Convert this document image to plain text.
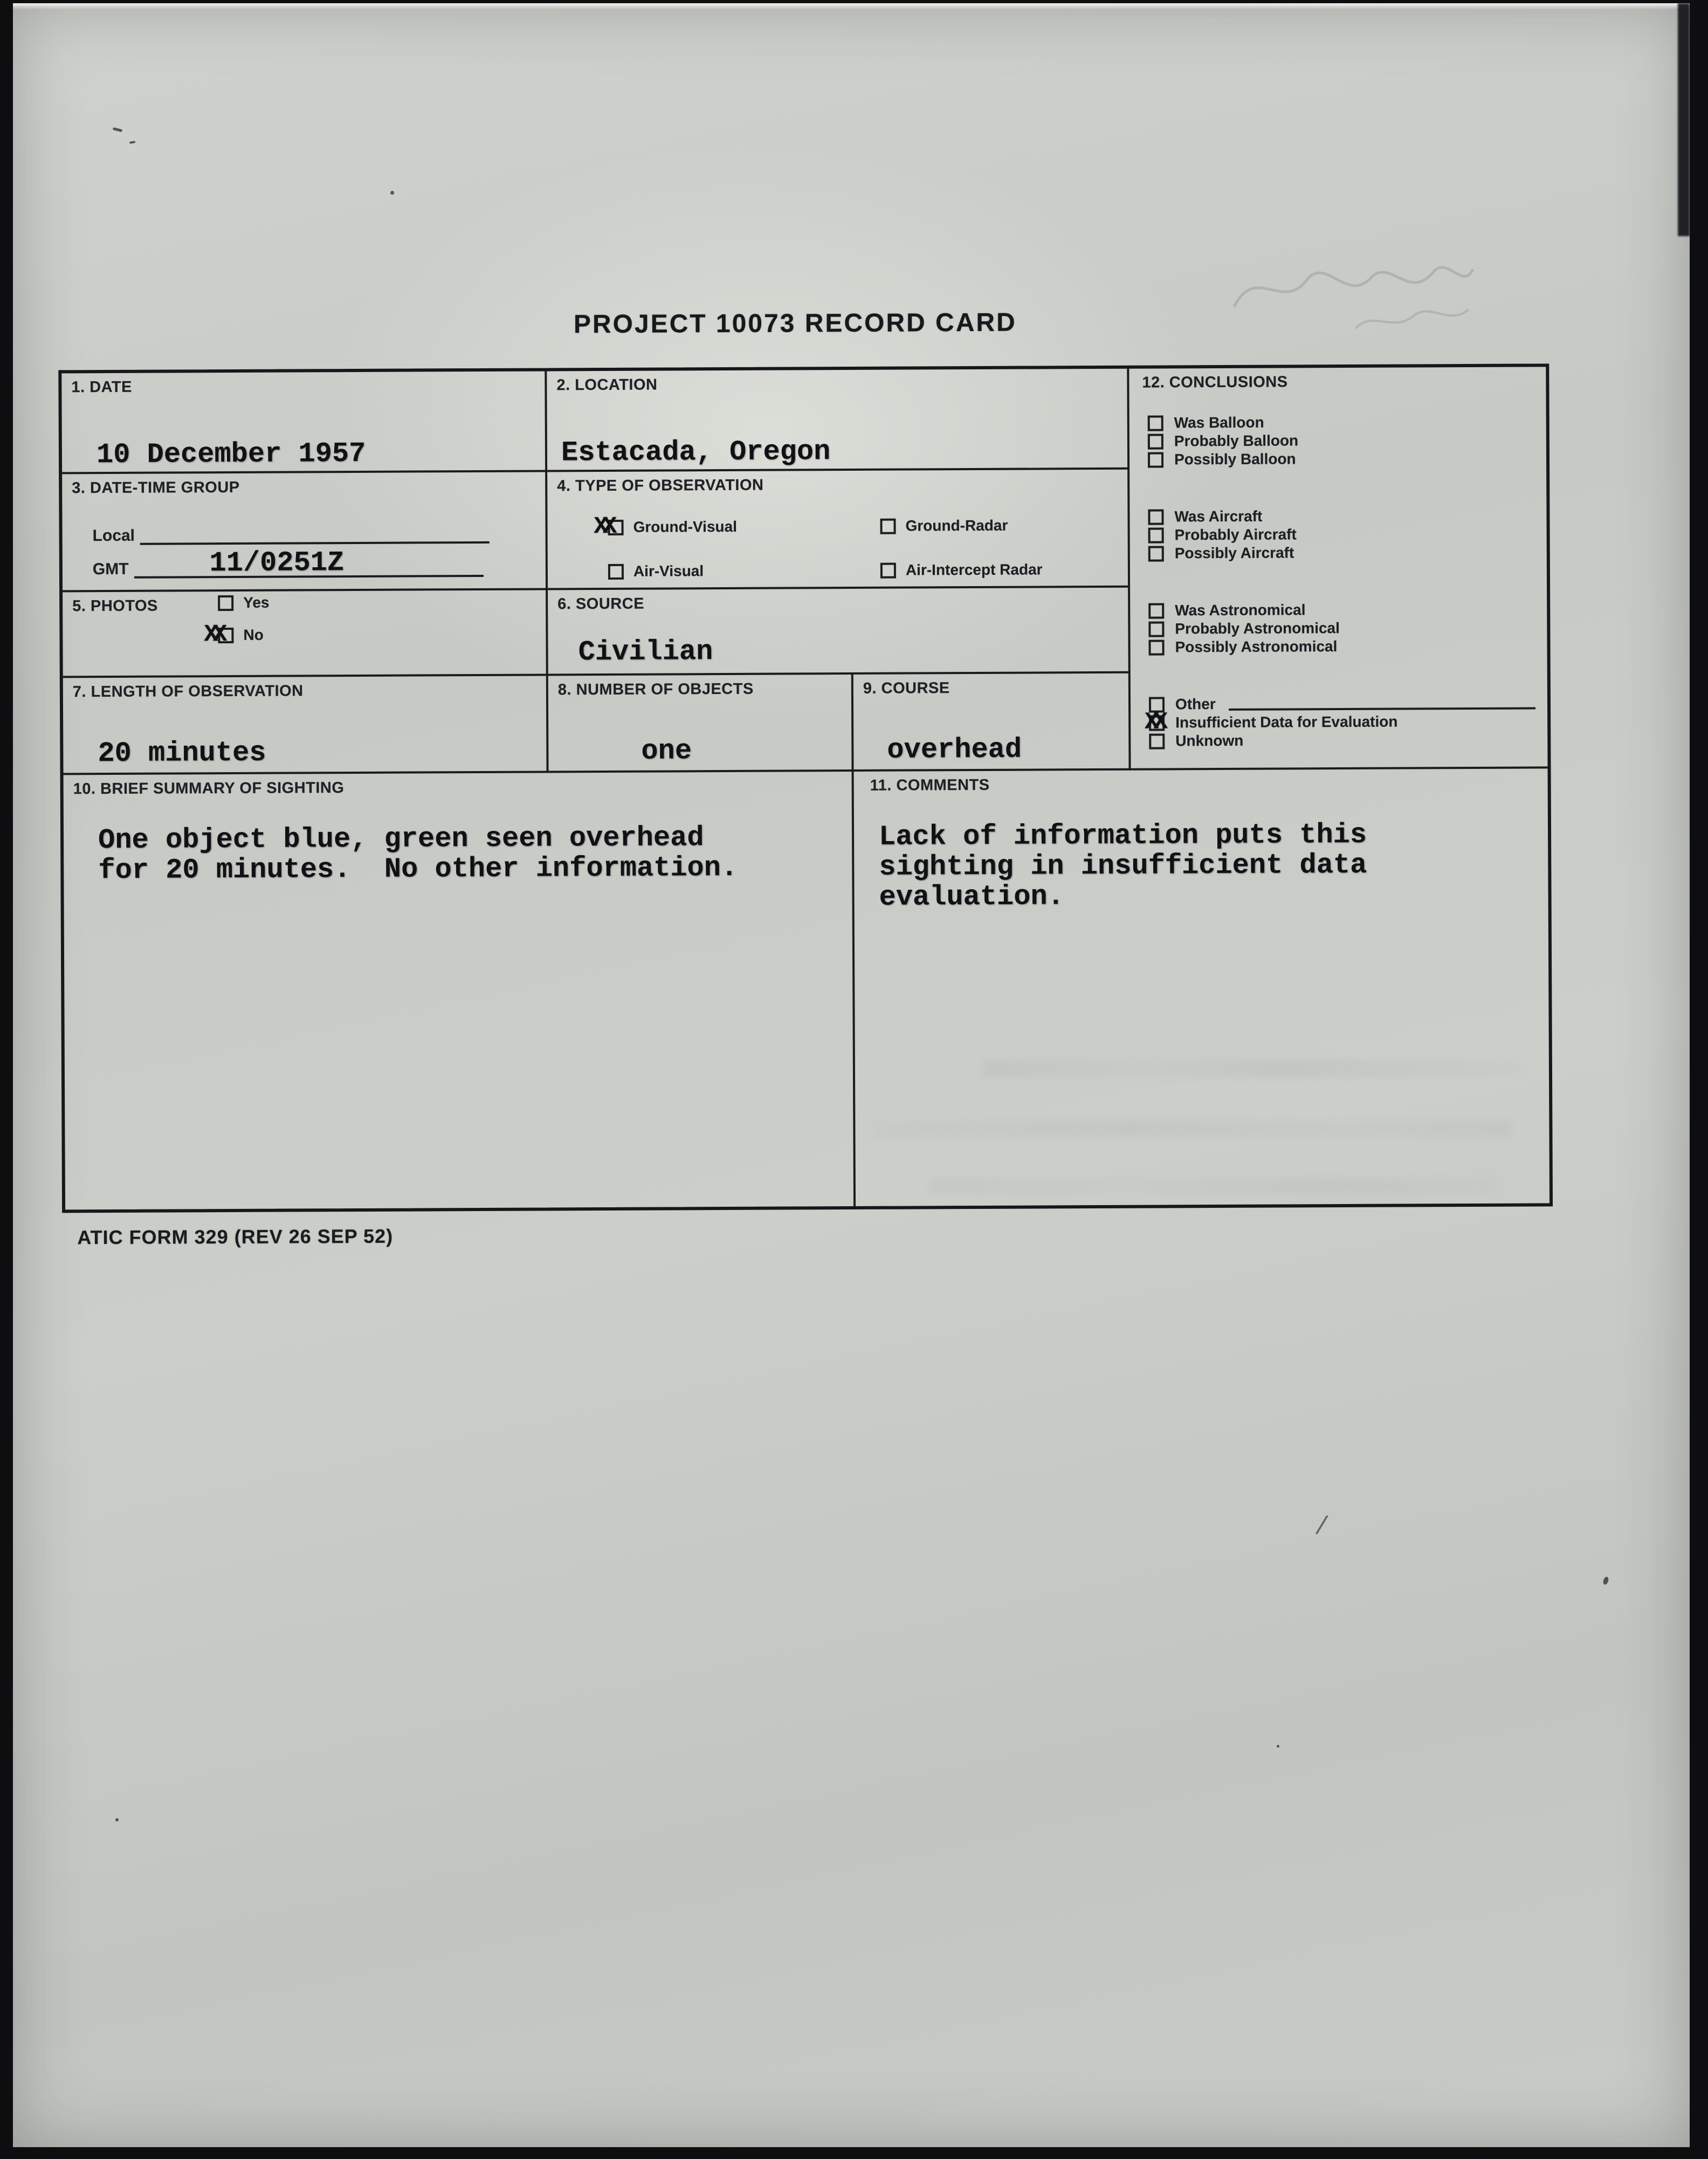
/
PROJECT 10073 RECORD CARD
1. DATE
10 December 1957
2. LOCATION
Estacada, Oregon
12. CONCLUSIONS
Was Balloon
Probably Balloon
Possibly Balloon
Was Aircraft
Probably Aircraft
Possibly Aircraft
Was Astronomical
Probably Astronomical
Possibly Astronomical
Other
XX Insufficient Data for Evaluation
Unknown
3. DATE-TIME GROUP
Local
GMT	11/0251Z
4. TYPE OF OBSERVATION
XX Ground-Visual	Ground-Radar
Air-Visual	Air-Intercept Radar
5. PHOTOS	Yes
XX No
6. SOURCE
Civilian
7. LENGTH OF OBSERVATION
20 minutes
8. NUMBER OF OBJECTS
one
9. COURSE
overhead
10. BRIEF SUMMARY OF SIGHTING
One object blue, green seen overhead
for 20 minutes.  No other information.
11. COMMENTS
Lack of information puts this
sighting in insufficient data
evaluation.
ATIC FORM 329 (REV 26 SEP 52)
